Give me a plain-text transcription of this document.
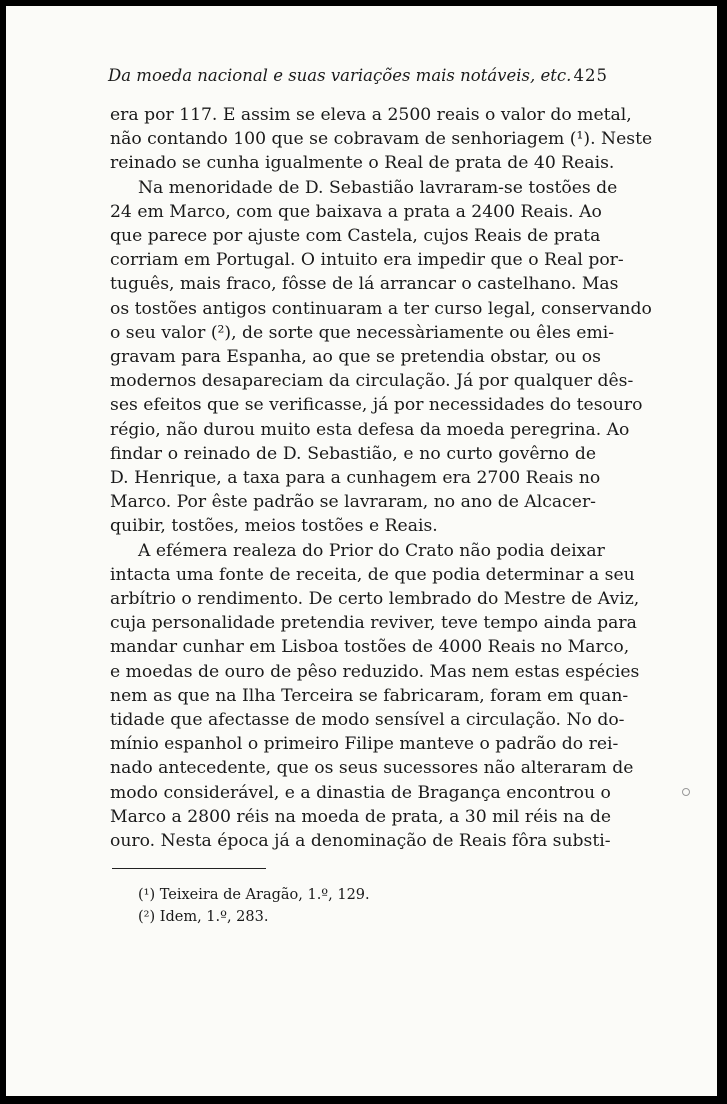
Da moeda nacional e suas variações mais notáveis, etc. 425
era por 117. E assim se eleva a 2500 reais o valor do metal,
não contando 100 que se cobravam de senhoriagem (¹). Neste
reinado se cunha igualmente o Real de prata de 40 Reais.
Na menoridade de D. Sebastião lavraram-se tostões de
24 em Marco, com que baixava a prata a 2400 Reais. Ao
que parece por ajuste com Castela, cujos Reais de prata
corriam em Portugal. O intuito era impedir que o Real por-
tuguês, mais fraco, fôsse de lá arrancar o castelhano. Mas
os tostões antigos continuaram a ter curso legal, conservando
o seu valor (²), de sorte que necessàriamente ou êles emi-
gravam para Espanha, ao que se pretendia obstar, ou os
modernos desapareciam da circulação. Já por qualquer dês-
ses efeitos que se verificasse, já por necessidades do tesouro
régio, não durou muito esta defesa da moeda peregrina. Ao
findar o reinado de D. Sebastião, e no curto govêrno de
D. Henrique, a taxa para a cunhagem era 2700 Reais no
Marco. Por êste padrão se lavraram, no ano de Alcacer-
quibir, tostões, meios tostões e Reais.
A efémera realeza do Prior do Crato não podia deixar
intacta uma fonte de receita, de que podia determinar a seu
arbítrio o rendimento. De certo lembrado do Mestre de Aviz,
cuja personalidade pretendia reviver, teve tempo ainda para
mandar cunhar em Lisboa tostões de 4000 Reais no Marco,
e moedas de ouro de pêso reduzido. Mas nem estas espécies
nem as que na Ilha Terceira se fabricaram, foram em quan-
tidade que afectasse de modo sensível a circulação. No do-
mínio espanhol o primeiro Filipe manteve o padrão do rei-
nado antecedente, que os seus sucessores não alteraram de
modo considerável, e a dinastia de Bragança encontrou o
Marco a 2800 réis na moeda de prata, a 30 mil réis na de
ouro. Nesta época já a denominação de Reais fôra substi-
(¹) Teixeira de Aragão, 1.º, 129.
(²) Idem, 1.º, 283.
